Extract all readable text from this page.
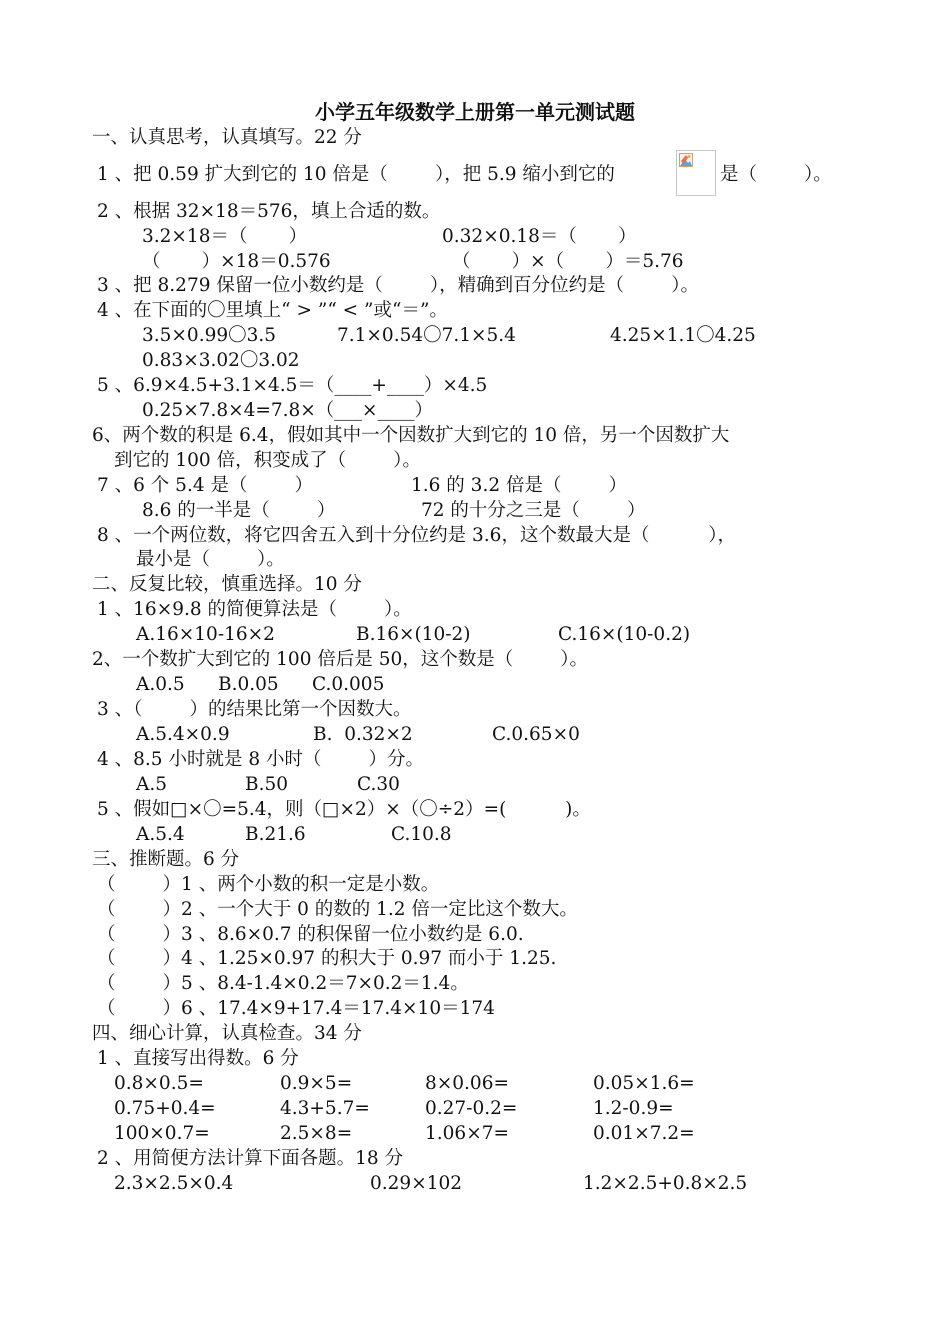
小学五年级数学上册第一单元测试题
一、认真思考，认真填写。22 分
1 、把 0.59 扩大到它的 10 倍是（        ），把 5.9 缩小到它的	是（        ）。
2 、根据 32×18＝576，填上合适的数。
3.2×18＝（       ）	0.32×0.18＝（       ）
（       ）×18＝0.576	（       ）×（       ）＝5.76
3 、把 8.279 保留一位小数约是（        ），精确到百分位约是（        ）。
4 、在下面的〇里填上“ > ”“ < ”或“＝”。
3.5×0.99〇3.5	7.1×0.54〇7.1×5.4	4.25×1.1〇4.25
0.83×3.02〇3.02
5 、6.9×4.5+3.1×4.5＝（____+____）×4.5
0.25×7.8×4=7.8×（___×____）
6、两个数的积是 6.4，假如其中一个因数扩大到它的 10 倍，另一个因数扩大
到它的 100 倍，积变成了（        ）。
7 、6 个 5.4 是（        ）	1.6 的 3.2 倍是（        ）
8.6 的一半是（        ）	72 的十分之三是（        ）
8 、一个两位数，将它四舍五入到十分位约是 3.6，这个数最大是（          ），
最小是（        ）。
二、反复比较，慎重选择。10 分
1 、16×9.8 的简便算法是（        ）。
A.16×10-16×2	B.16×(10-2)	C.16×(10-0.2)
2、一个数扩大到它的 100 倍后是 50，这个数是（        ）。
A.0.5 B.0.05 C.0.005
3 、（        ）的结果比第一个因数大。
A.5.4×0.9	B.  0.32×2	C.0.65×0
4 、8.5 小时就是 8 小时（        ）分。
A.5	B.50	C.30
5 、假如□×〇=5.4，则（□×2）×（〇÷2）=(          )。
A.5.4	B.21.6	C.10.8
三、推断题。6 分
（        ）1 、两个小数的积一定是小数。
（        ）2 、一个大于 0 的数的 1.2 倍一定比这个数大。
（        ）3 、8.6×0.7 的积保留一位小数约是 6.0.
（        ）4 、1.25×0.97 的积大于 0.97 而小于 1.25.
（        ）5 、8.4-1.4×0.2＝7×0.2＝1.4。
（        ）6 、17.4×9+17.4＝17.4×10＝174
四、细心计算，认真检查。34 分
1 、直接写出得数。6 分
0.8×0.5=	0.9×5=	8×0.06=	0.05×1.6=
0.75+0.4=	4.3+5.7=	0.27-0.2=	1.2-0.9=
100×0.7=	2.5×8=	1.06×7=	0.01×7.2=
2 、用简便方法计算下面各题。18 分
2.3×2.5×0.4	0.29×102	1.2×2.5+0.8×2.5
